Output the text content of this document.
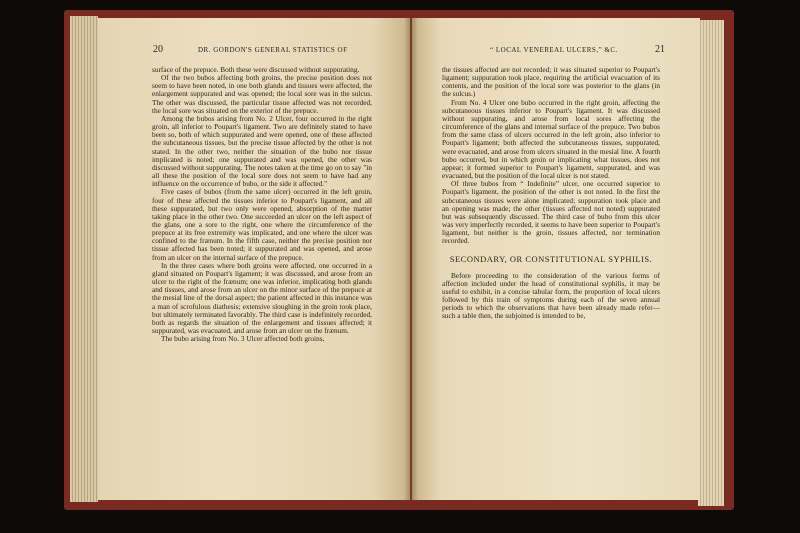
20	DR. GORDON'S GENERAL STATISTICS OF

surface of the prepuce. Both these were discussed without suppurating.

Of the two bubos affecting both groins, the precise position does not seem to have been noted, in one both glands and tissues were affected, the enlargement suppurated and was opened; the local sore was in the sulcus. The other was discussed, the particular tissue affected was not recorded, the local sore was situated on the exterior of the prepuce.

Among the bubos arising from No. 2 Ulcer, four occurred in the right groin, all inferior to Poupart's ligament. Two are definitely stated to have been so, both of which suppurated and were opened, one of these affected the subcutaneous tissues, but the precise tissue affected by the other is not stated. In the other two, neither the situation of the bubo nor tissue implicated is noted; one suppurated and was opened, the other was discussed without suppurating. The notes taken at the time go on to say "in all these the position of the local sore does not seem to have had any influence on the occurrence of bubo, or the side it affected."

Five cases of bubos (from the same ulcer) occurred in the left groin, four of these affected the tissues inferior to Poupart's ligament, and all these suppurated, but two only were opened, absorption of the matter taking place in the other two. One succeeded an ulcer on the left aspect of the glans, one a sore to the right, one where the circumference of the prepuce at its free extremity was implicated, and one where the ulcer was confined to the frænum. In the fifth case, neither the precise position nor tissue affected has been noted; it suppurated and was opened, and arose from an ulcer on the internal surface of the prepuce.

In the three cases where both groins were affected, one occurred in a gland situated on Poupart's ligament; it was discussed, and arose from an ulcer to the right of the frænum; one was inferior, implicating both glands and tissues, and arose from an ulcer on the minor surface of the prepuce at the mesial line of the dorsal aspect; the patient affected in this instance was a man of scrofulous diathesis; extensive sloughing in the groin took place, but ultimately terminated favorably. The third case is indefinitely recorded, both as regards the situation of the enlargement and tissues affected; it suppurated, was evacuated, and arose from an ulcer on the frænum.

The bubo arising from No. 3 Ulcer affected both groins,

“ LOCAL VENEREAL ULCERS,” &C.	21

the tissues affected are not recorded; it was situated superior to Poupart's ligament; suppuration took place, requiring the artificial evacuation of its contents, and the position of the local sore was posterior to the glans (in the sulcus.)

From No. 4 Ulcer one bubo occurred in the right groin, affecting the subcutaneous tissues inferior to Poupart's ligament. It was discussed without suppurating, and arose from local sores affecting the circumference of the glans and internal surface of the prepuce. Two bubos from the same class of ulcers occurred in the left groin, also inferior to Poupart's ligament; both affected the subcutaneous tissues, suppurated, were evacuated, and arose from ulcers situated in the mesial line. A fourth bubo occurred, but in which groin or implicating what tissues, does not appear; it formed superior to Poupart's ligament, suppurated, and was evacuated, but the position of the local ulcer is not stated.

Of three bubos from “ Indefinite” ulcer, one occurred superior to Poupart's ligament, the position of the other is not noted. In the first the subcutaneous tissues were alone implicated; suppuration took place and an opening was made; the other (tissues affected not noted) suppurated but was subsequently discussed. The third case of bubo from this ulcer was very imperfectly recorded, it seems to have been superior to Poupart's ligament, but neither is the groin, tissues affected, nor termination recorded.

SECONDARY, OR CONSTITUTIONAL SYPHILIS.

Before proceeding to the consideration of the various forms of affection included under the head of constitutional syphilis, it may be useful to exhibit, in a concise tabular form, the proportion of local ulcers followed by this train of symptoms during each of the seven annual periods to which the observations that have been already made refer—such a table then, the subjoined is intended to be,
